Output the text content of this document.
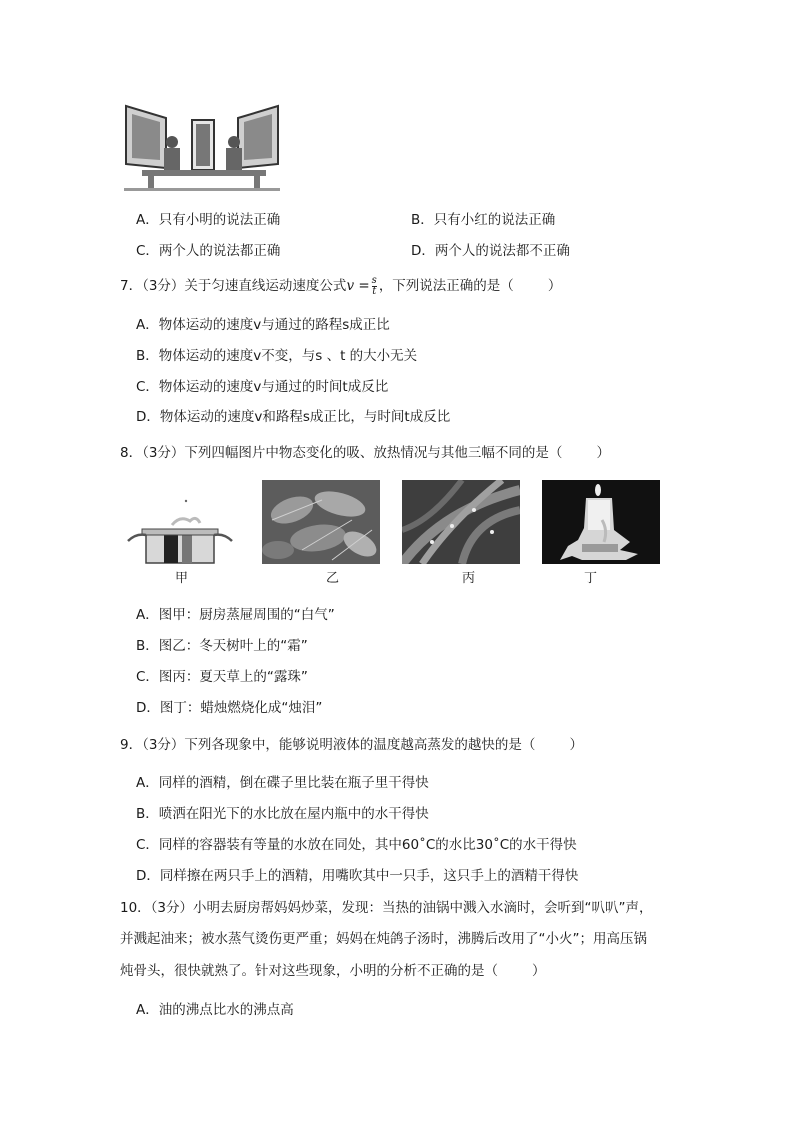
A．只有小明的说法正确	B．只有小红的说法正确
C．两个人的说法都正确	D．两个人的说法都不正确
7．（3分）关于匀速直线运动速度公式$v = \frac{s}{t}$ ，下列说法正确的是（	）
A．物体运动的速度v与通过的路程s成正比
B．物体运动的速度v不变，与s 、t 的大小无关
C．物体运动的速度v与通过的时间t成反比
D．物体运动的速度v和路程s成正比，与时间t成反比
8．（3分）下列四幅图片中物态变化的吸、放热情况与其他三幅不同的是（	）
甲	乙	丙	丁
A．图甲：厨房蒸屉周围的“白气”
B．图乙：冬天树叶上的“霜”
C．图丙：夏天草上的“露珠”
D．图丁：蜡烛燃烧化成“烛泪”
9．（3分）下列各现象中，能够说明液体的温度越高蒸发的越快的是（	）
A．同样的酒精，倒在碟子里比装在瓶子里干得快
B．喷洒在阳光下的水比放在屋内瓶中的水干得快
C．同样的容器装有等量的水放在同处，其中60˚C的水比30˚C的水干得快
D．同样擦在两只手上的酒精，用嘴吹其中一只手，这只手上的酒精干得快
10．（3分）小明去厨房帮妈妈炒菜，发现：当热的油锅中溅入水滴时，会听到“叭叭”声，
并溅起油来；被水蒸气烫伤更严重；妈妈在炖鸽子汤时，沸腾后改用了“小火”；用高压锅
炖骨头，很快就熟了。针对这些现象，小明的分析不正确的是（	）
A．油的沸点比水的沸点高
